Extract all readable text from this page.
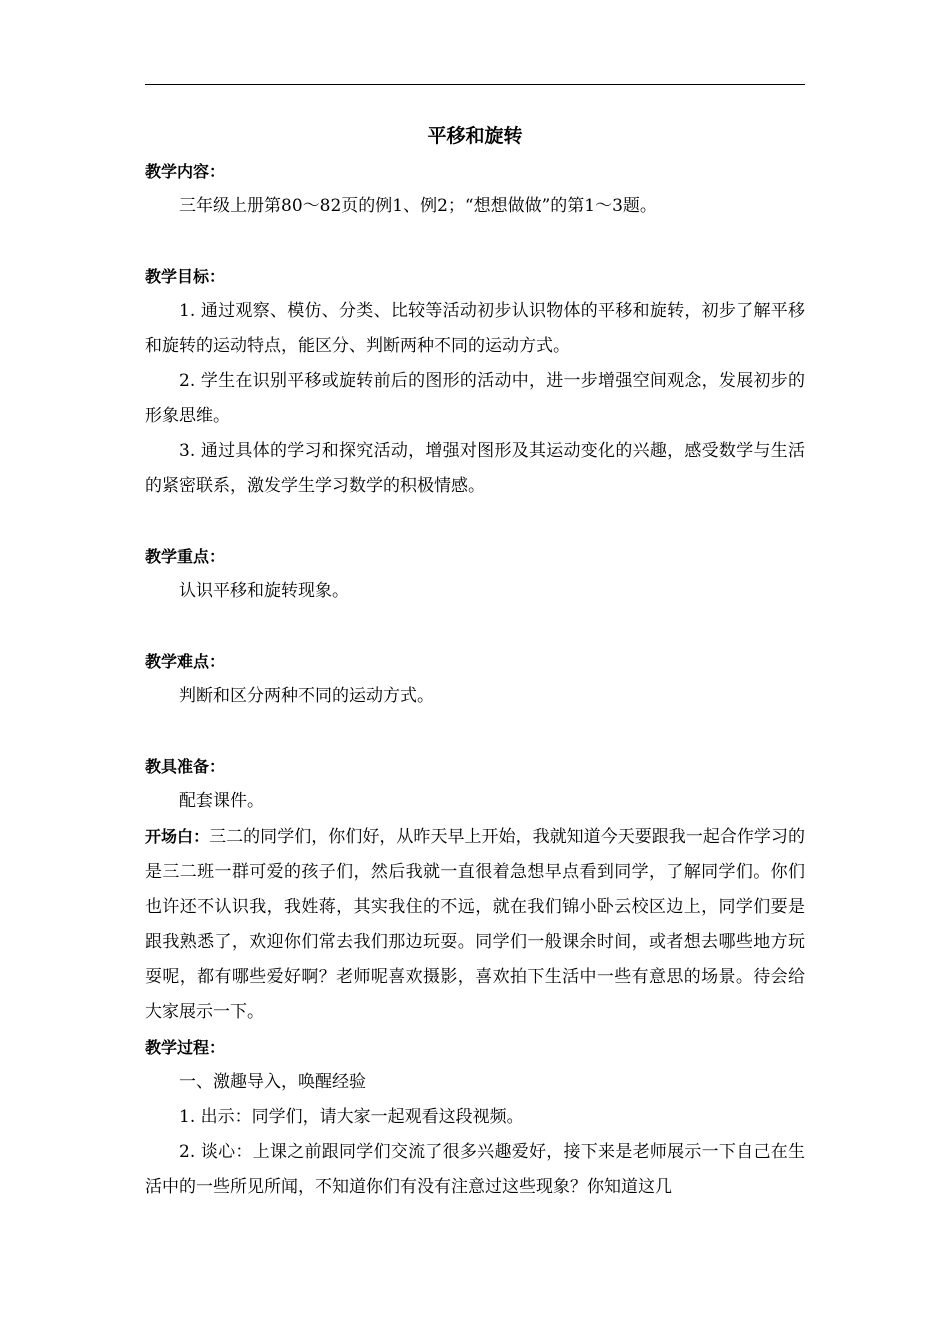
平移和旋转
教学内容：

三年级上册第80～82页的例1、例2；“想想做做”的第1～3题。

教学目标：

1. 通过观察、模仿、分类、比较等活动初步认识物体的平移和旋转，初步了解平移和旋转的运动特点，能区分、判断两种不同的运动方式。

2. 学生在识别平移或旋转前后的图形的活动中，进一步增强空间观念，发展初步的形象思维。

3. 通过具体的学习和探究活动，增强对图形及其运动变化的兴趣，感受数学与生活的紧密联系，激发学生学习数学的积极情感。

教学重点：

认识平移和旋转现象。

教学难点：

判断和区分两种不同的运动方式。

教具准备：

配套课件。

开场白：三二的同学们，你们好，从昨天早上开始，我就知道今天要跟我一起合作学习的是三二班一群可爱的孩子们，然后我就一直很着急想早点看到同学，了解同学们。你们也许还不认识我，我姓蒋，其实我住的不远，就在我们锦小卧云校区边上，同学们要是跟我熟悉了，欢迎你们常去我们那边玩耍。同学们一般课余时间，或者想去哪些地方玩耍呢，都有哪些爱好啊？老师呢喜欢摄影，喜欢拍下生活中一些有意思的场景。待会给大家展示一下。

教学过程：

一、激趣导入，唤醒经验

1. 出示：同学们，请大家一起观看这段视频。

2. 谈心：上课之前跟同学们交流了很多兴趣爱好，接下来是老师展示一下自己在生活中的一些所见所闻，不知道你们有没有注意过这些现象？你知道这几
